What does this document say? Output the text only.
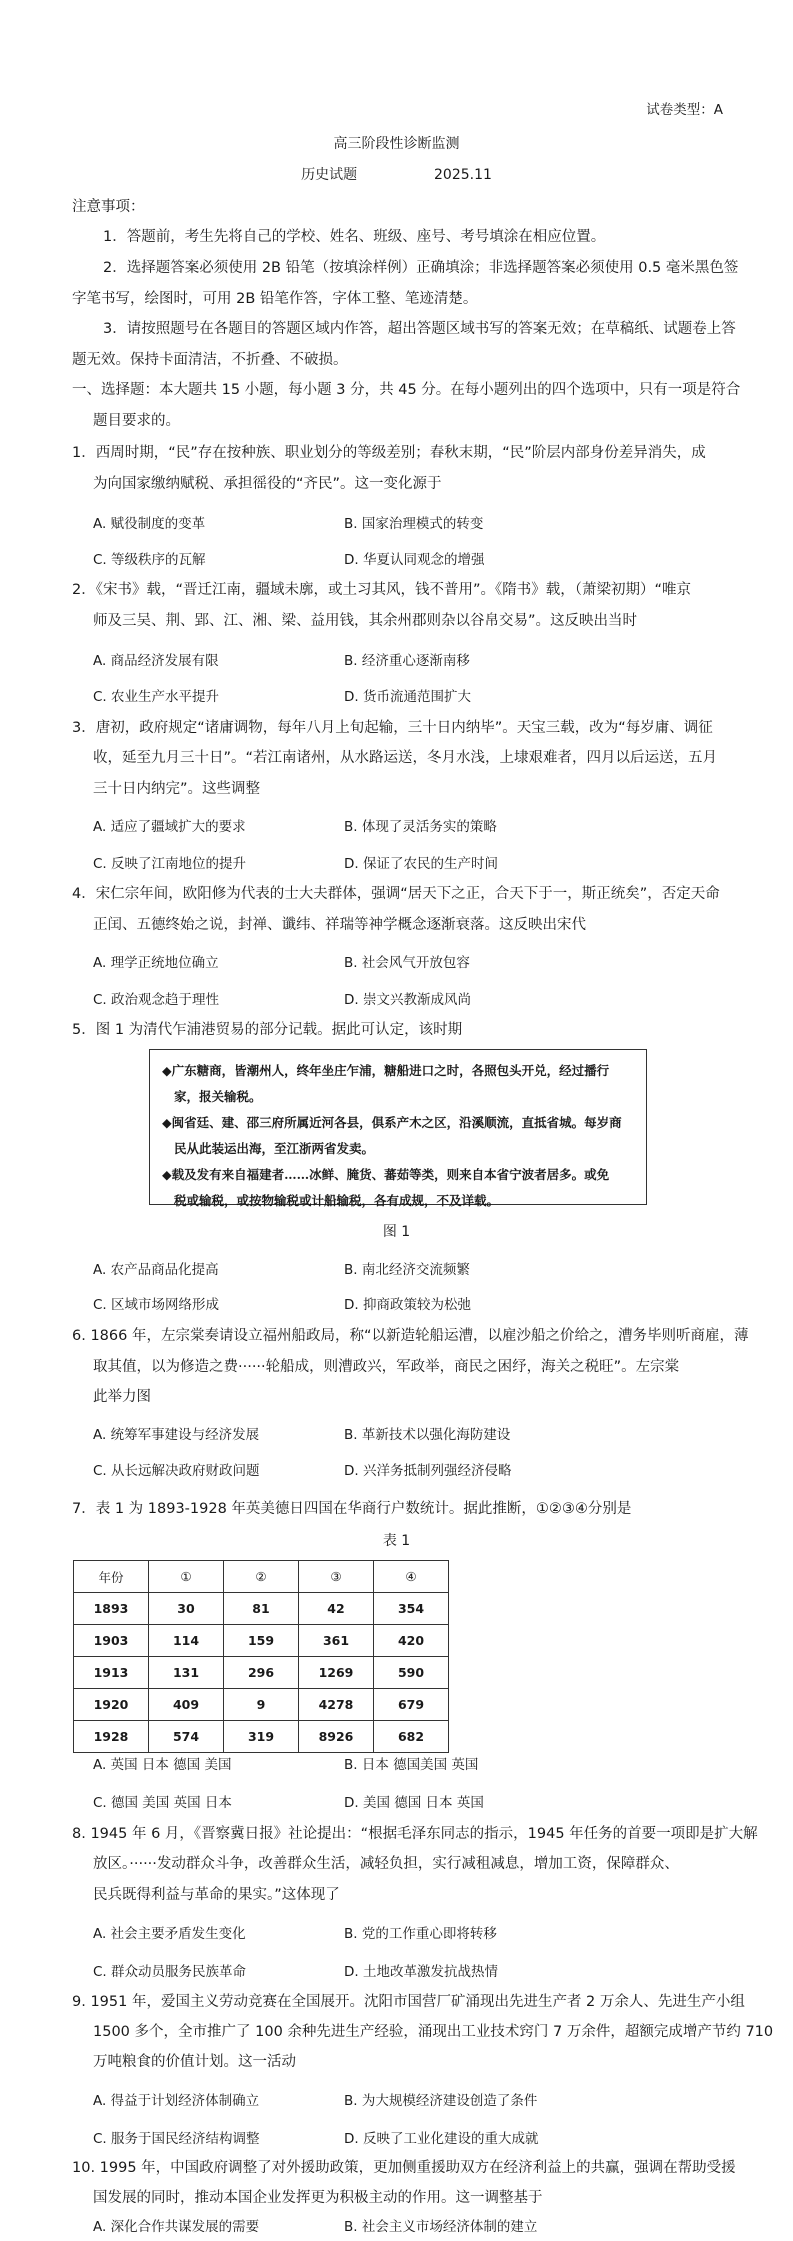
试卷类型：A
高三阶段性诊断监测
历史试题	2025.11
注意事项：
1．答题前，考生先将自己的学校、姓名、班级、座号、考号填涂在相应位置。
2．选择题答案必须使用 2B 铅笔（按填涂样例）正确填涂；非选择题答案必须使用 0.5 毫米黑色签
字笔书写，绘图时，可用 2B 铅笔作答，字体工整、笔迹清楚。
3．请按照题号在各题目的答题区域内作答，超出答题区域书写的答案无效；在草稿纸、试题卷上答
题无效。保持卡面清洁，不折叠、不破损。
一、选择题：本大题共 15 小题，每小题 3 分，共 45 分。在每小题列出的四个选项中，只有一项是符合
题目要求的。
1．西周时期，“民”存在按种族、职业划分的等级差别；春秋末期，“民”阶层内部身份差异消失，成
为向国家缴纳赋税、承担徭役的“齐民”。这一变化源于
A. 赋役制度的变革	B. 国家治理模式的转变
C. 等级秩序的瓦解	D. 华夏认同观念的增强
2．《宋书》载，“晋迁江南，疆域未廓，或土习其风，钱不普用”。《隋书》载，（萧梁初期）“唯京
师及三吴、荆、郢、江、湘、梁、益用钱，其余州郡则杂以谷帛交易”。这反映出当时
A. 商品经济发展有限	B. 经济重心逐渐南移
C. 农业生产水平提升	D. 货币流通范围扩大
3．唐初，政府规定“诸庸调物，每年八月上旬起输，三十日内纳毕”。天宝三载，改为“每岁庸、调征
收，延至九月三十日”。“若江南诸州，从水路运送，冬月水浅，上埭艰难者，四月以后运送，五月
三十日内纳完”。这些调整
A. 适应了疆域扩大的要求	B. 体现了灵活务实的策略
C. 反映了江南地位的提升	D. 保证了农民的生产时间
4．宋仁宗年间，欧阳修为代表的士大夫群体，强调“居天下之正，合天下于一，斯正统矣”，否定天命
正闰、五德终始之说，封禅、谶纬、祥瑞等神学概念逐渐衰落。这反映出宋代
A. 理学正统地位确立	B. 社会风气开放包容
C. 政治观念趋于理性	D. 崇文兴教渐成风尚
5．图 1 为清代乍浦港贸易的部分记载。据此可认定，该时期
◆广东糖商，皆潮州人，终年坐庄乍浦，糖船进口之时，各照包头开兑，经过播行
家，报关输税。
◆闽省廷、建、邵三府所属近河各县，俱系产木之区，沿溪顺流，直抵省城。每岁商
民从此装运出海，至江浙两省发卖。
◆载及发有来自福建者……冰鲜、腌货、蕃茹等类，则来自本省宁波者居多。或免
税或输税，或按物输税或计船输税，各有成规，不及详载。
图 1
A. 农产品商品化提高	B. 南北经济交流频繁
C. 区域市场网络形成	D. 抑商政策较为松弛
6. 1866 年，左宗棠奏请设立福州船政局，称“以新造轮船运漕，以雇沙船之价给之，漕务毕则听商雇，薄
取其值，以为修造之费······轮船成，则漕政兴，军政举，商民之困纾，海关之税旺”。左宗棠
此举力图
A. 统筹军事建设与经济发展	B. 革新技术以强化海防建设
C. 从长远解决政府财政问题	D. 兴洋务抵制列强经济侵略
7．表 1 为 1893-1928 年英美德日四国在华商行户数统计。据此推断，①②③④分别是
表 1
年份	①	②	③	④
1893	30	81	42	354
1903	114	159	361	420
1913	131	296	1269	590
1920	409	9	4278	679
1928	574	319	8926	682
A. 英国 日本 德国 美国	B. 日本 德国美国 英国
C. 德国 美国 英国 日本	D. 美国 德国 日本 英国
8. 1945 年 6 月，《晋察冀日报》社论提出：“根据毛泽东同志的指示，1945 年任务的首要一项即是扩大解
放区。······发动群众斗争，改善群众生活，减轻负担，实行减租减息，增加工资，保障群众、
民兵既得利益与革命的果实。”这体现了
A. 社会主要矛盾发生变化	B. 党的工作重心即将转移
C. 群众动员服务民族革命	D. 土地改革激发抗战热情
9. 1951 年，爱国主义劳动竞赛在全国展开。沈阳市国营厂矿涌现出先进生产者 2 万余人、先进生产小组
1500 多个，全市推广了 100 余种先进生产经验，涌现出工业技术窍门 7 万余件，超额完成增产节约 710
万吨粮食的价值计划。这一活动
A. 得益于计划经济体制确立	B. 为大规模经济建设创造了条件
C. 服务于国民经济结构调整	D. 反映了工业化建设的重大成就
10. 1995 年，中国政府调整了对外援助政策，更加侧重援助双方在经济利益上的共赢，强调在帮助受援
国发展的同时，推动本国企业发挥更为积极主动的作用。这一调整基于
A. 深化合作共谋发展的需要	B. 社会主义市场经济体制的建立
